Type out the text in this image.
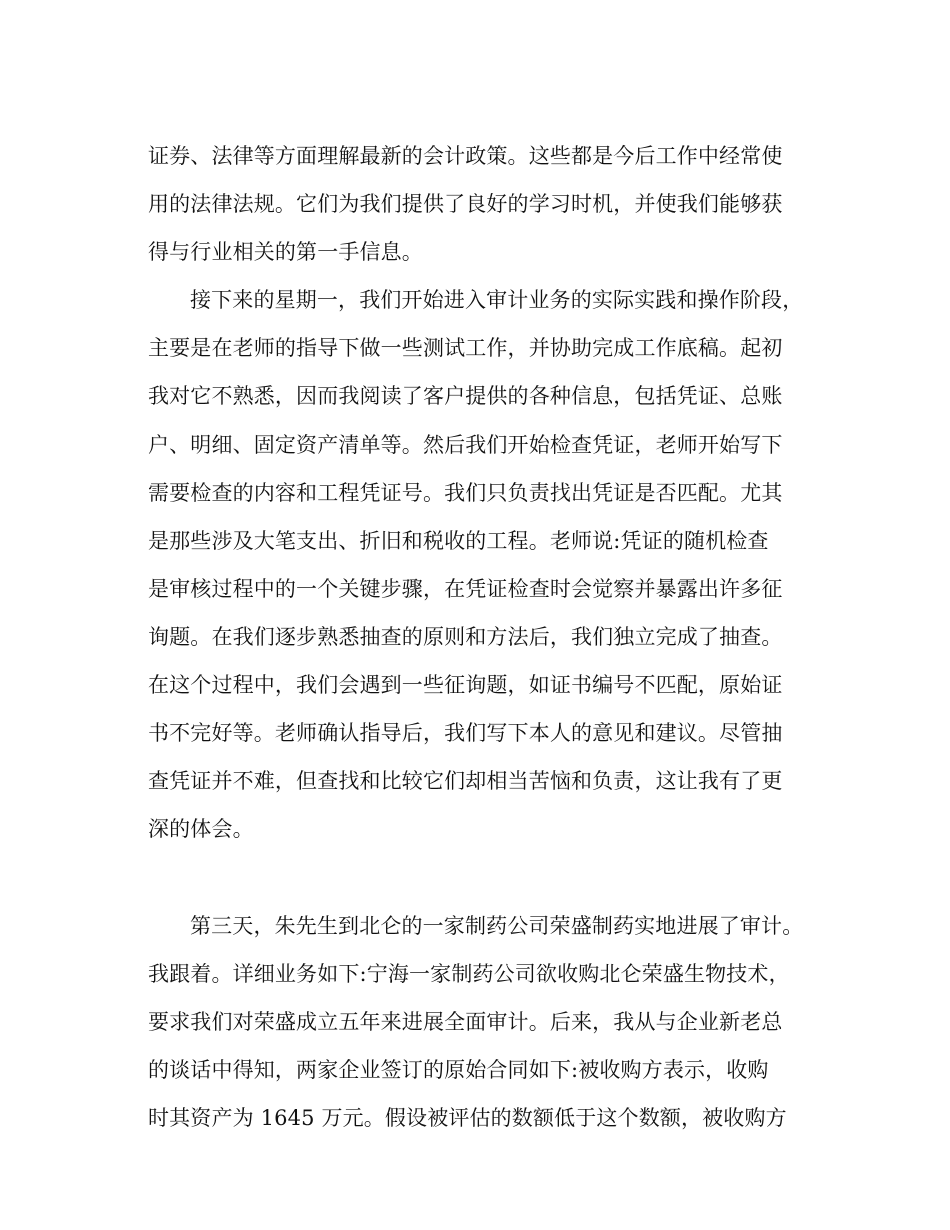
证券、法律等方面理解最新的会计政策。这些都是今后工作中经常使
用的法律法规。它们为我们提供了良好的学习时机，并使我们能够获
得与行业相关的第一手信息。
接下来的星期一，我们开始进入审计业务的实际实践和操作阶段，
主要是在老师的指导下做一些测试工作，并协助完成工作底稿。起初
我对它不熟悉，因而我阅读了客户提供的各种信息，包括凭证、总账
户、明细、固定资产清单等。然后我们开始检查凭证，老师开始写下
需要检查的内容和工程凭证号。我们只负责找出凭证是否匹配。尤其
是那些涉及大笔支出、折旧和税收的工程。老师说:凭证的随机检查
是审核过程中的一个关键步骤，在凭证检查时会觉察并暴露出许多征
询题。在我们逐步熟悉抽查的原则和方法后，我们独立完成了抽查。
在这个过程中，我们会遇到一些征询题，如证书编号不匹配，原始证
书不完好等。老师确认指导后，我们写下本人的意见和建议。尽管抽
查凭证并不难，但查找和比较它们却相当苦恼和负责，这让我有了更
深的体会。
第三天，朱先生到北仑的一家制药公司荣盛制药实地进展了审计。
我跟着。详细业务如下:宁海一家制药公司欲收购北仑荣盛生物技术，
要求我们对荣盛成立五年来进展全面审计。后来，我从与企业新老总
的谈话中得知，两家企业签订的原始合同如下:被收购方表示，收购
时其资产为 1645 万元。假设被评估的数额低于这个数额，被收购方
